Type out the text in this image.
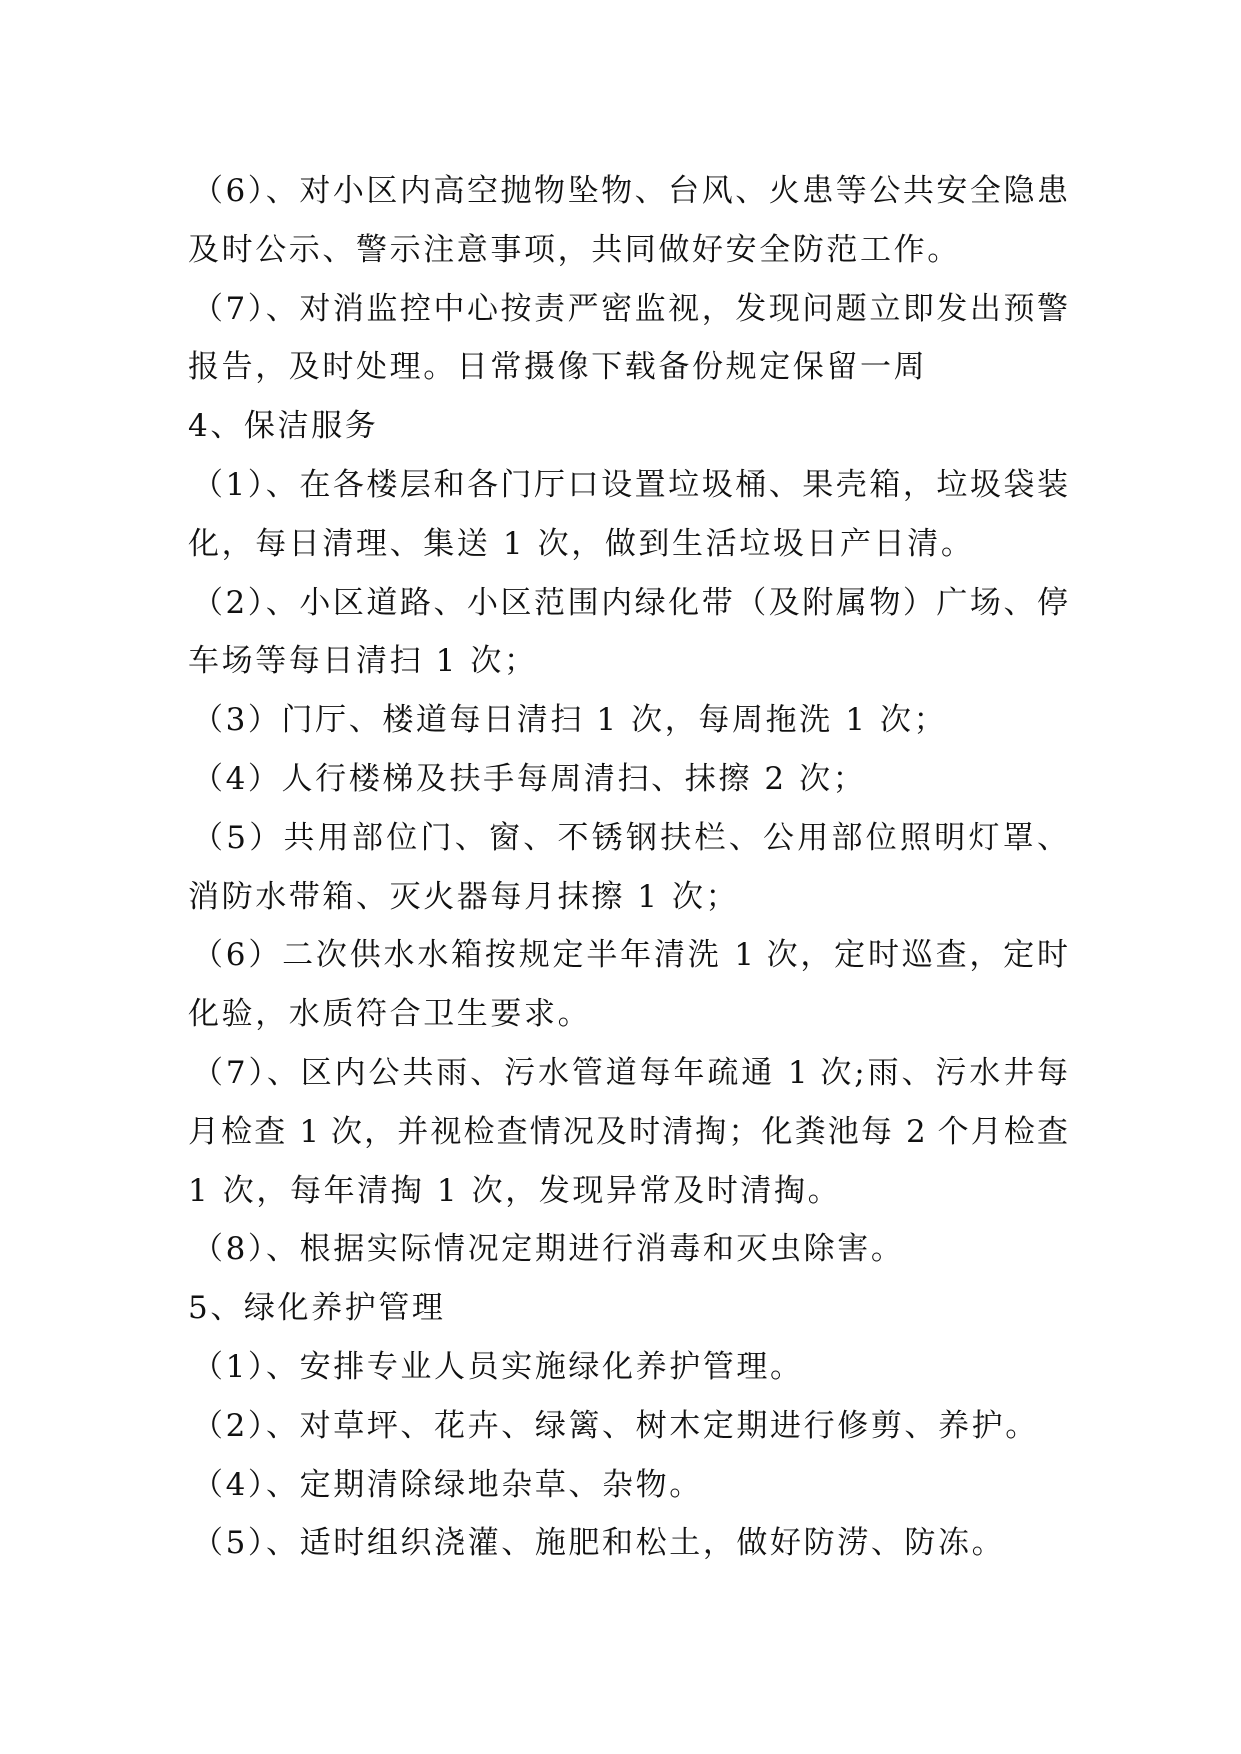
（6）、对小区内高空抛物坠物、台风、火患等公共安全隐患
及时公示、警示注意事项，共同做好安全防范工作。
（7）、对消监控中心按责严密监视，发现问题立即发出预警
报告，及时处理。日常摄像下载备份规定保留一周
4、保洁服务
（1）、在各楼层和各门厅口设置垃圾桶、果壳箱，垃圾袋装
化，每日清理、集送 1 次，做到生活垃圾日产日清。
（2）、小区道路、小区范围内绿化带（及附属物）广场、停
车场等每日清扫 1 次；
（3）门厅、楼道每日清扫 1 次，每周拖洗 1 次；
（4）人行楼梯及扶手每周清扫、抹擦 2 次；
（5）共用部位门、窗、不锈钢扶栏、公用部位照明灯罩、
消防水带箱、灭火器每月抹擦 1 次；
（6）二次供水水箱按规定半年清洗 1 次，定时巡查，定时
化验，水质符合卫生要求。
（7）、区内公共雨、污水管道每年疏通 1 次;雨、污水井每
月检查 1 次，并视检查情况及时清掏；化粪池每 2 个月检查
1 次，每年清掏 1 次，发现异常及时清掏。
（8）、根据实际情况定期进行消毒和灭虫除害。
5、绿化养护管理
（1）、安排专业人员实施绿化养护管理。
（2）、对草坪、花卉、绿篱、树木定期进行修剪、养护。
（4）、定期清除绿地杂草、杂物。
（5）、适时组织浇灌、施肥和松土，做好防涝、防冻。
